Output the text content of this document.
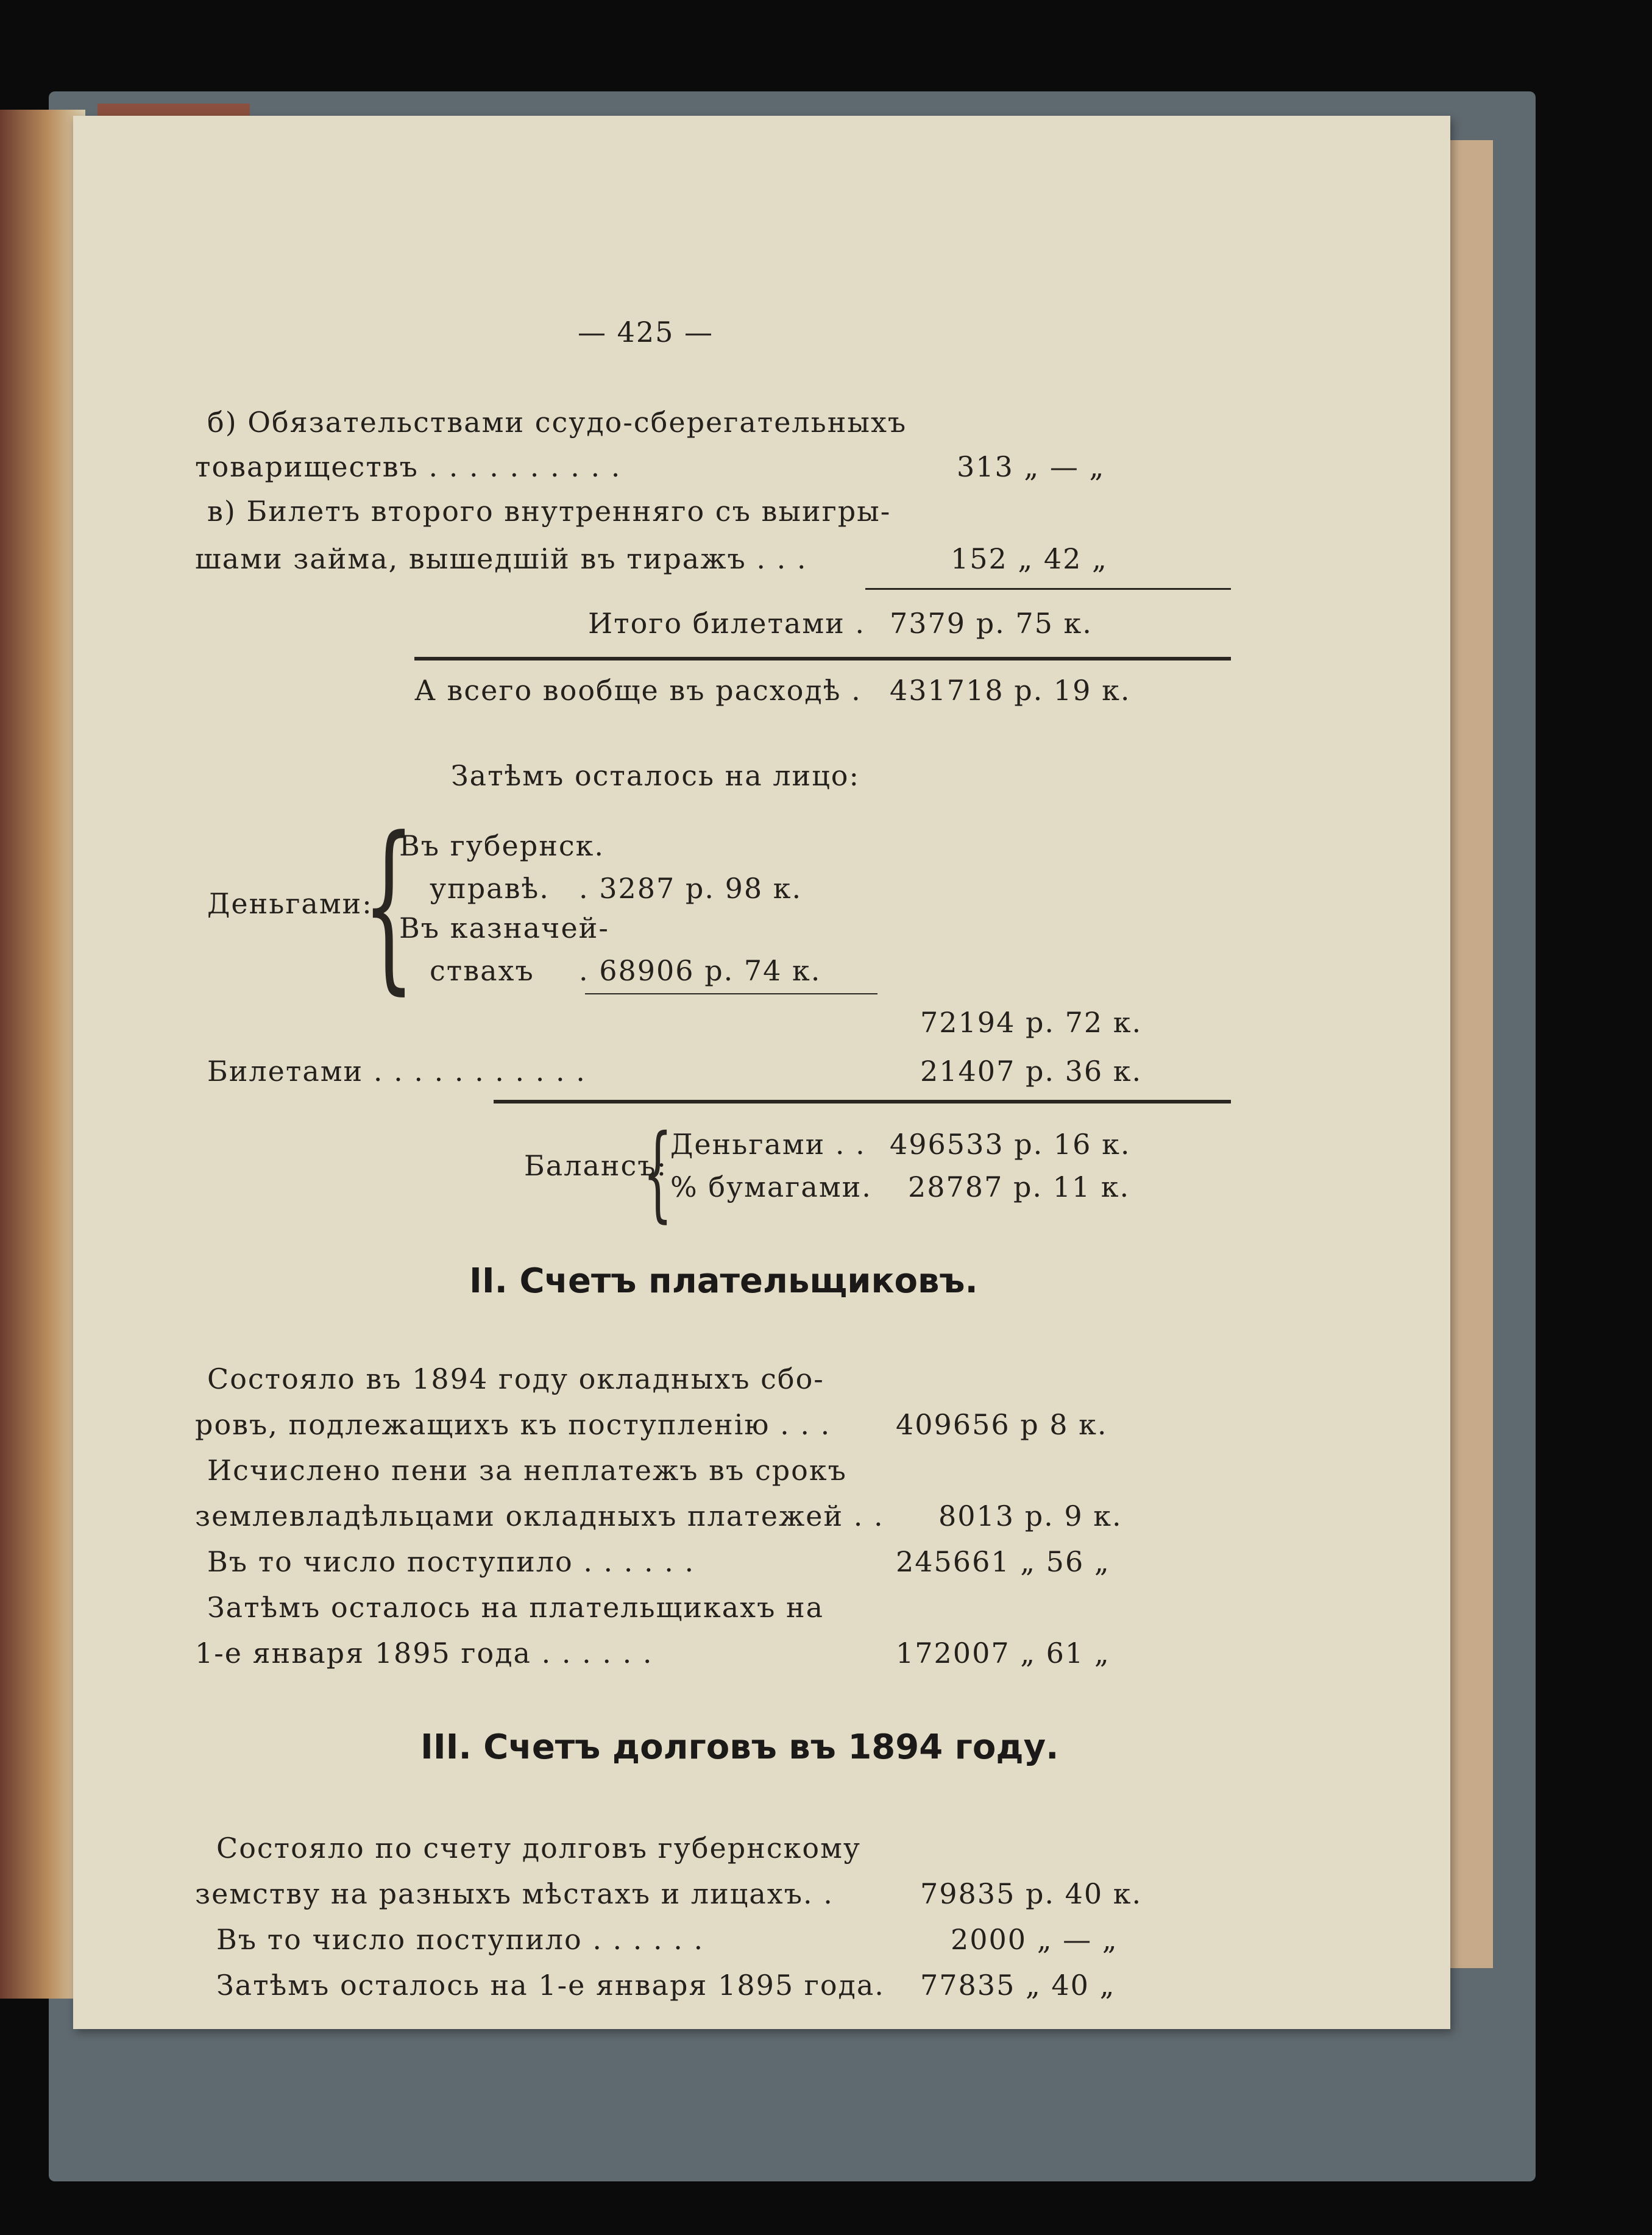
— 425 —
б) Обязательствами ссудо-сберегательныхъ
товариществъ . . . . . . . . . .	313 „ — „
в) Билетъ второго внутренняго съ выигры-
шами займа, вышедшій въ тиражъ . . .	152 „ 42 „
Итого билетами . 7379 р. 75 к.
А всего вообще въ расходѣ . 431718 р. 19 к.
Затѣмъ осталось на лицо:
Деньгами:
{
Въ губернск.
управѣ. . 3287 р. 98 к.
Въ казначей-
ствахъ . 68906 р. 74 к.
72194 р. 72 к.
Билетами . . . . . . . . . . .	21407 р. 36 к.
Балансъ:
{
Деньгами . . 496533 р. 16 к.
% бумагами. 28787 р. 11 к.
II. Счетъ плательщиковъ.
Состояло въ 1894 году окладныхъ сбо-
ровъ, подлежащихъ къ поступленію . . . 409656 р 8 к.
Исчислено пени за неплатежъ въ срокъ
землевладѣльцами окладныхъ платежей . . 8013 р. 9 к.
Въ то число поступило . . . . . .	245661 „ 56 „
Затѣмъ осталось на плательщикахъ на
1-е января 1895 года . . . . . .	172007 „ 61 „
III. Счетъ долговъ въ 1894 году.
Состояло по счету долговъ губернскому
земству на разныхъ мѣстахъ и лицахъ. .	79835 р. 40 к.
Въ то число поступило . . . . . .	2000 „ — „
Затѣмъ осталось на 1-е января 1895 года. 77835 „ 40 „
